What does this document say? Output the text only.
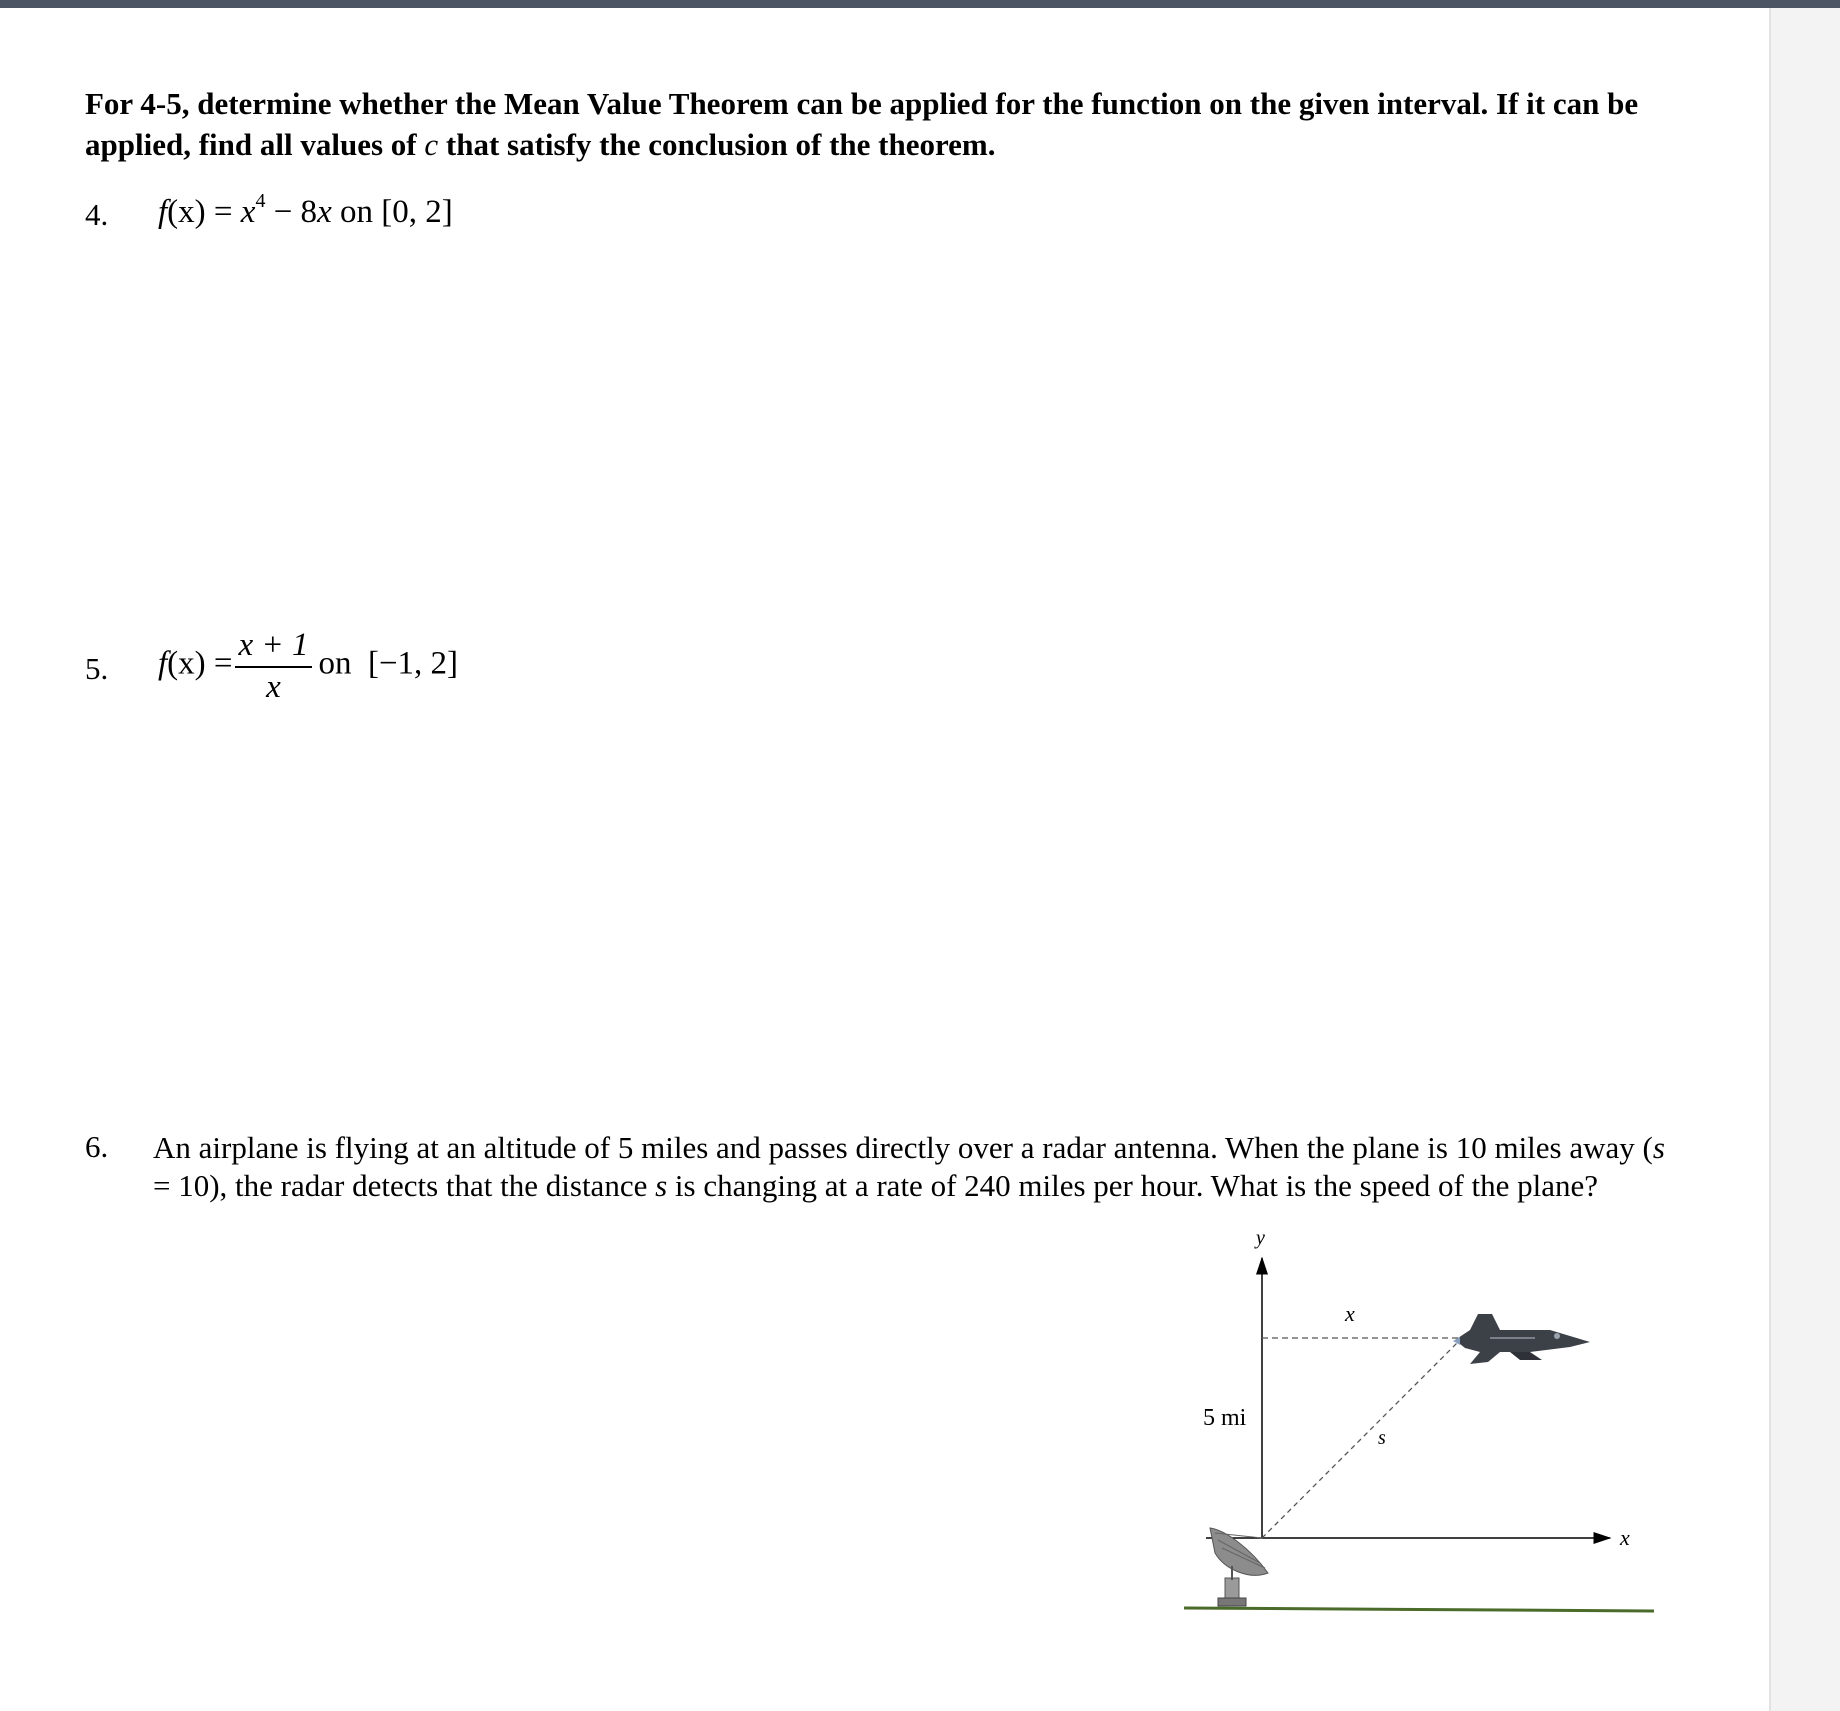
For 4-5, determine whether the Mean Value Theorem can be applied for the function on the given interval. If it can be applied, find all values of c that satisfy the conclusion of the theorem.
4. $f(x) = x^4 - 8x$ on [0, 2]
5. $f(x) = \frac{x + 1}{x}$ on [−1, 2]
6. An airplane is flying at an altitude of 5 miles and passes directly over a radar antenna. When the plane is 10 miles away (s = 10), the radar detects that the distance s is changing at a rate of 240 miles per hour. What is the speed of the plane?
y
x
x
s
5 mi
